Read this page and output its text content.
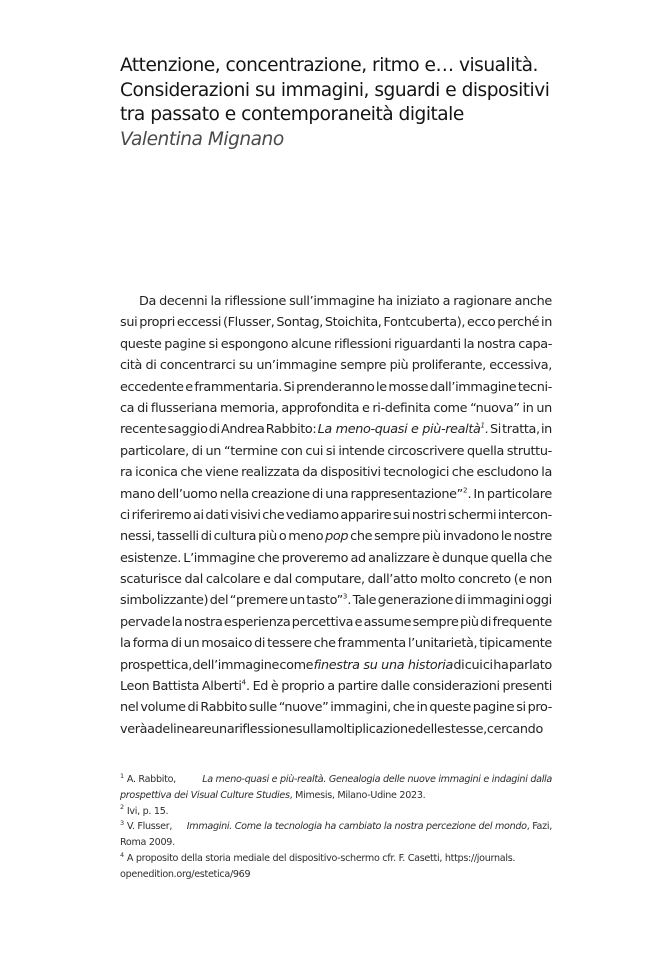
Attenzione, concentrazione, ritmo e… visualità.
Considerazioni su immagini, sguardi e dispositivi
tra passato e contemporaneità digitale
Valentina Mignano
Da decenni la riflessione sull’immagine ha iniziato a ragionare anche
sui propri eccessi (Flusser, Sontag, Stoichita, Fontcuberta), ecco perché in
queste pagine si espongono alcune riflessioni riguardanti la nostra capa-
cità di concentrarci su un’immagine sempre più proliferante, eccessiva,
eccedente e frammentaria. Si prenderanno le mosse dall’immagine tecni-
ca di flusseriana memoria, approfondita e ri-definita come “nuova” in un
recente saggio di Andrea Rabbito: La meno-quasi e più-realtà$^1$. Si tratta, in
particolare, di un “termine con cui si intende circoscrivere quella struttu-
ra iconica che viene realizzata da dispositivi tecnologici che escludono la
mano dell’uomo nella creazione di una rappresentazione”$^2$. In particolare
ci riferiremo ai dati visivi che vediamo apparire sui nostri schermi intercon-
nessi, tasselli di cultura più o meno pop che sempre più invadono le nostre
esistenze. L’immagine che proveremo ad analizzare è dunque quella che
scaturisce dal calcolare e dal computare, dall’atto molto concreto (e non
simbolizzante) del “premere un tasto”$^3$. Tale generazione di immagini oggi
pervade la nostra esperienza percettiva e assume sempre più di frequente
la forma di un mosaico di tessere che frammenta l’unitarietà, tipicamente
prospettica, dell’immagine come finestra su una historia di cui ci ha parlato
Leon Battista Alberti$^4$. Ed è proprio a partire dalle considerazioni presenti
nel volume di Rabbito sulle “nuove” immagini, che in queste pagine si pro-
verà a delineare una riflessione sulla moltiplicazione delle stesse, cercando
$^1$ A. Rabbito,	La meno-quasi e più-realtà. Genealogia delle nuove immagini e indagini dalla
prospettiva dei Visual Culture Studies, Mimesis, Milano-Udine 2023.
$^2$ Ivi, p. 15.
$^3$ V. Flusser, Immagini. Come la tecnologia ha cambiato la nostra percezione del mondo, Fazi,
Roma 2009.
$^4$ A proposito della storia mediale del dispositivo-schermo cfr. F. Casetti, https://journals.
openedition.org/estetica/969
